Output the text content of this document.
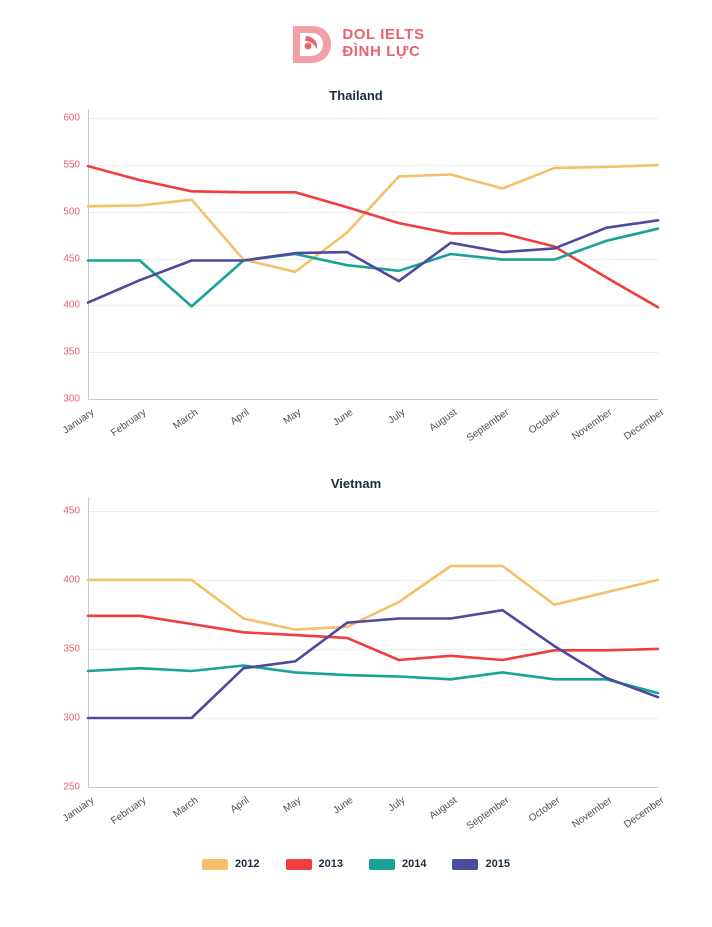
DOL IELTS
ĐÌNH LỰC
Thailand
300
350
400
450
500
550
600
January	February	March	April	May	June	July	August September	October November December
Vietnam
250
300
350
400
450
January	February	March	April	May	June	July	August September	October November December
2012	2013	2014	2015
